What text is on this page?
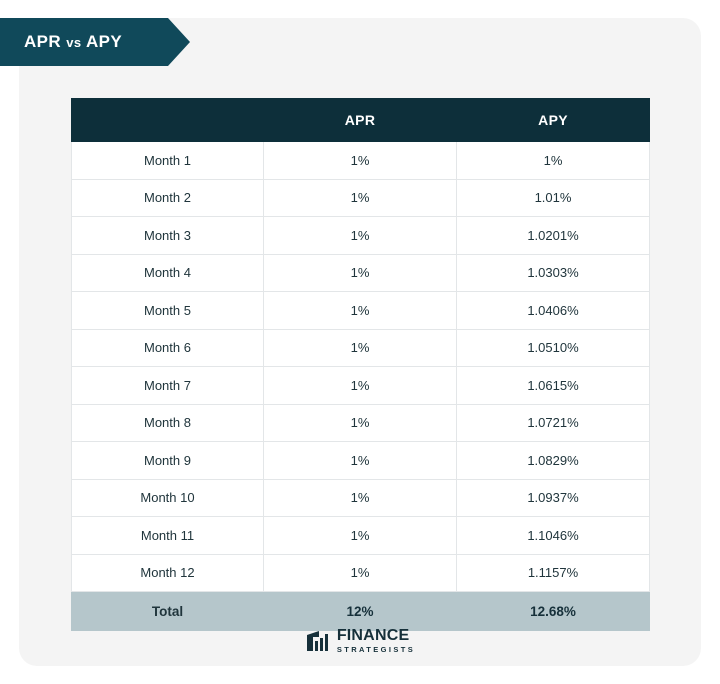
APR vs APY
	APR	APY
Month 1	1%	1%
Month 2	1%	1.01%
Month 3	1%	1.0201%
Month 4	1%	1.0303%
Month 5	1%	1.0406%
Month 6	1%	1.0510%
Month 7	1%	1.0615%
Month 8	1%	1.0721%
Month 9	1%	1.0829%
Month 10	1%	1.0937%
Month 11	1%	1.1046%
Month 12	1%	1.1157%
Total	12%	12.68%
FINANCE
STRATEGISTS
